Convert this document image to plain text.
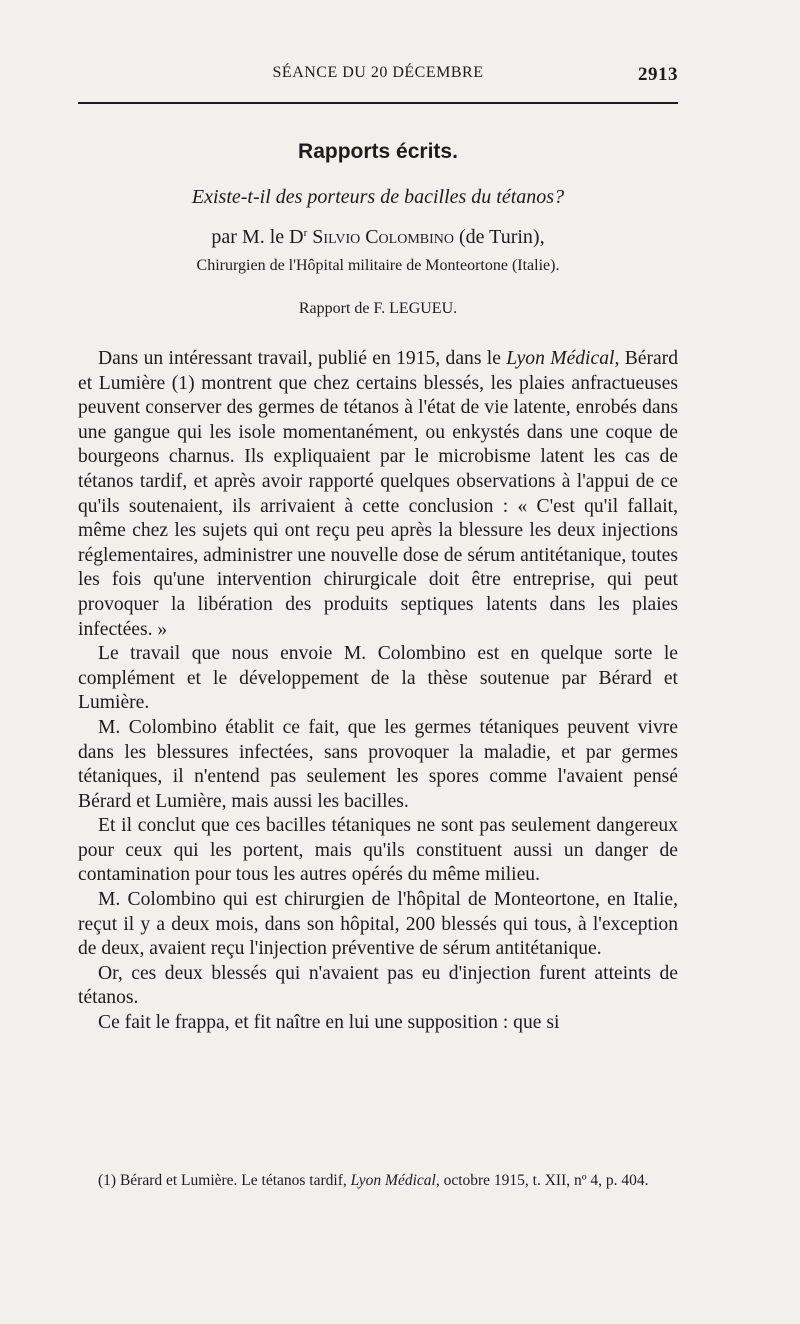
SÉANCE DU 20 DÉCEMBRE	2913
Rapports écrits.
Existe-t-il des porteurs de bacilles du tétanos?
par M. le $D^r$ Silvio Colombino (de Turin),
Chirurgien de l'Hôpital militaire de Monteortone (Italie).
Rapport de F. LEGUEU.

Dans un intéressant travail, publié en 1915, dans le Lyon Médical, Bérard et Lumière (1) montrent que chez certains blessés, les plaies anfractueuses peuvent conserver des germes de tétanos à l'état de vie latente, enrobés dans une gangue qui les isole momentanément, ou enkystés dans une coque de bourgeons charnus. Ils expliquaient par le microbisme latent les cas de tétanos tardif, et après avoir rapporté quelques observations à l'appui de ce qu'ils soutenaient, ils arrivaient à cette conclusion : « C'est qu'il fallait, même chez les sujets qui ont reçu peu après la blessure les deux injections réglementaires, administrer une nouvelle dose de sérum antitétanique, toutes les fois qu'une intervention chirurgicale doit être entreprise, qui peut provoquer la libération des produits septiques latents dans les plaies infectées. »

Le travail que nous envoie M. Colombino est en quelque sorte le complément et le développement de la thèse soutenue par Bérard et Lumière.

M. Colombino établit ce fait, que les germes tétaniques peuvent vivre dans les blessures infectées, sans provoquer la maladie, et par germes tétaniques, il n'entend pas seulement les spores comme l'avaient pensé Bérard et Lumière, mais aussi les bacilles.

Et il conclut que ces bacilles tétaniques ne sont pas seulement dangereux pour ceux qui les portent, mais qu'ils constituent aussi un danger de contamination pour tous les autres opérés du même milieu.

M. Colombino qui est chirurgien de l'hôpital de Monteortone, en Italie, reçut il y a deux mois, dans son hôpital, 200 blessés qui tous, à l'exception de deux, avaient reçu l'injection préventive de sérum antitétanique.

Or, ces deux blessés qui n'avaient pas eu d'injection furent atteints de tétanos.

Ce fait le frappa, et fit naître en lui une supposition : que si

(1) Bérard et Lumière. Le tétanos tardif, Lyon Médical, octobre 1915, t. XII, nº 4, p. 404.
